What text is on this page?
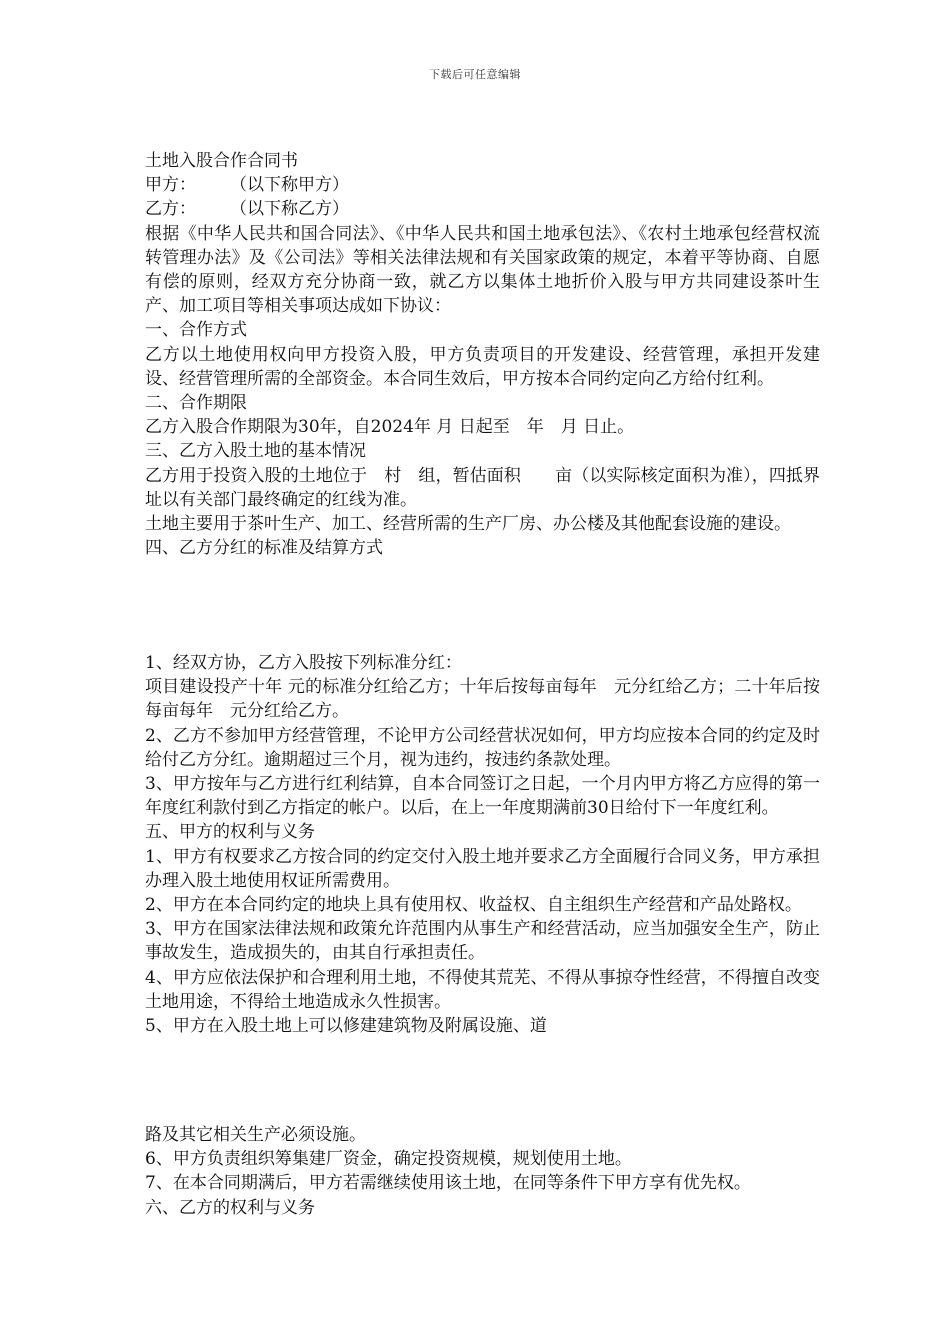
下载后可任意编辑

土地入股合作合同书

甲方：　　　（以下称甲方）

乙方：　　　（以下称乙方）

根据《中华人民共和国合同法》、《中华人民共和国土地承包法》、《农村土地承包经营权流转管理办法》及《公司法》等相关法律法规和有关国家政策的规定，本着平等协商、自愿有偿的原则，经双方充分协商一致，就乙方以集体土地折价入股与甲方共同建设茶叶生产、加工项目等相关事项达成如下协议：

一、合作方式

乙方以土地使用权向甲方投资入股，甲方负责项目的开发建设、经营管理，承担开发建设、经营管理所需的全部资金。本合同生效后，甲方按本合同约定向乙方给付红利。

二、合作期限

乙方入股合作期限为30年，自2024年 月 日起至　年　月 日止。

三、乙方入股土地的基本情况

乙方用于投资入股的土地位于　村　组，暂估面积　　亩（以实际核定面积为准），四抵界址以有关部门最终确定的红线为准。

土地主要用于茶叶生产、加工、经营所需的生产厂房、办公楼及其他配套设施的建设。

四、乙方分红的标准及结算方式

1、经双方协，乙方入股按下列标准分红：

项目建设投产十年 元的标准分红给乙方；十年后按每亩每年　元分红给乙方；二十年后按每亩每年　元分红给乙方。

2、乙方不参加甲方经营管理，不论甲方公司经营状况如何，甲方均应按本合同的约定及时给付乙方分红。逾期超过三个月，视为违约，按违约条款处理。

3、甲方按年与乙方进行红利结算，自本合同签订之日起，一个月内甲方将乙方应得的第一年度红利款付到乙方指定的帐户。以后，在上一年度期满前30日给付下一年度红利。

五、甲方的权利与义务

1、甲方有权要求乙方按合同的约定交付入股土地并要求乙方全面履行合同义务，甲方承担办理入股土地使用权证所需费用。

2、甲方在本合同约定的地块上具有使用权、收益权、自主组织生产经营和产品处路权。

3、甲方在国家法律法规和政策允许范围内从事生产和经营活动，应当加强安全生产，防止事故发生，造成损失的，由其自行承担责任。

4、甲方应依法保护和合理利用土地，不得使其荒芜、不得从事掠夺性经营，不得擅自改变土地用途，不得给土地造成永久性损害。

5、甲方在入股土地上可以修建建筑物及附属设施、道

路及其它相关生产必须设施。

6、甲方负责组织筹集建厂资金，确定投资规模，规划使用土地。

7、在本合同期满后，甲方若需继续使用该土地，在同等条件下甲方享有优先权。

六、乙方的权利与义务
